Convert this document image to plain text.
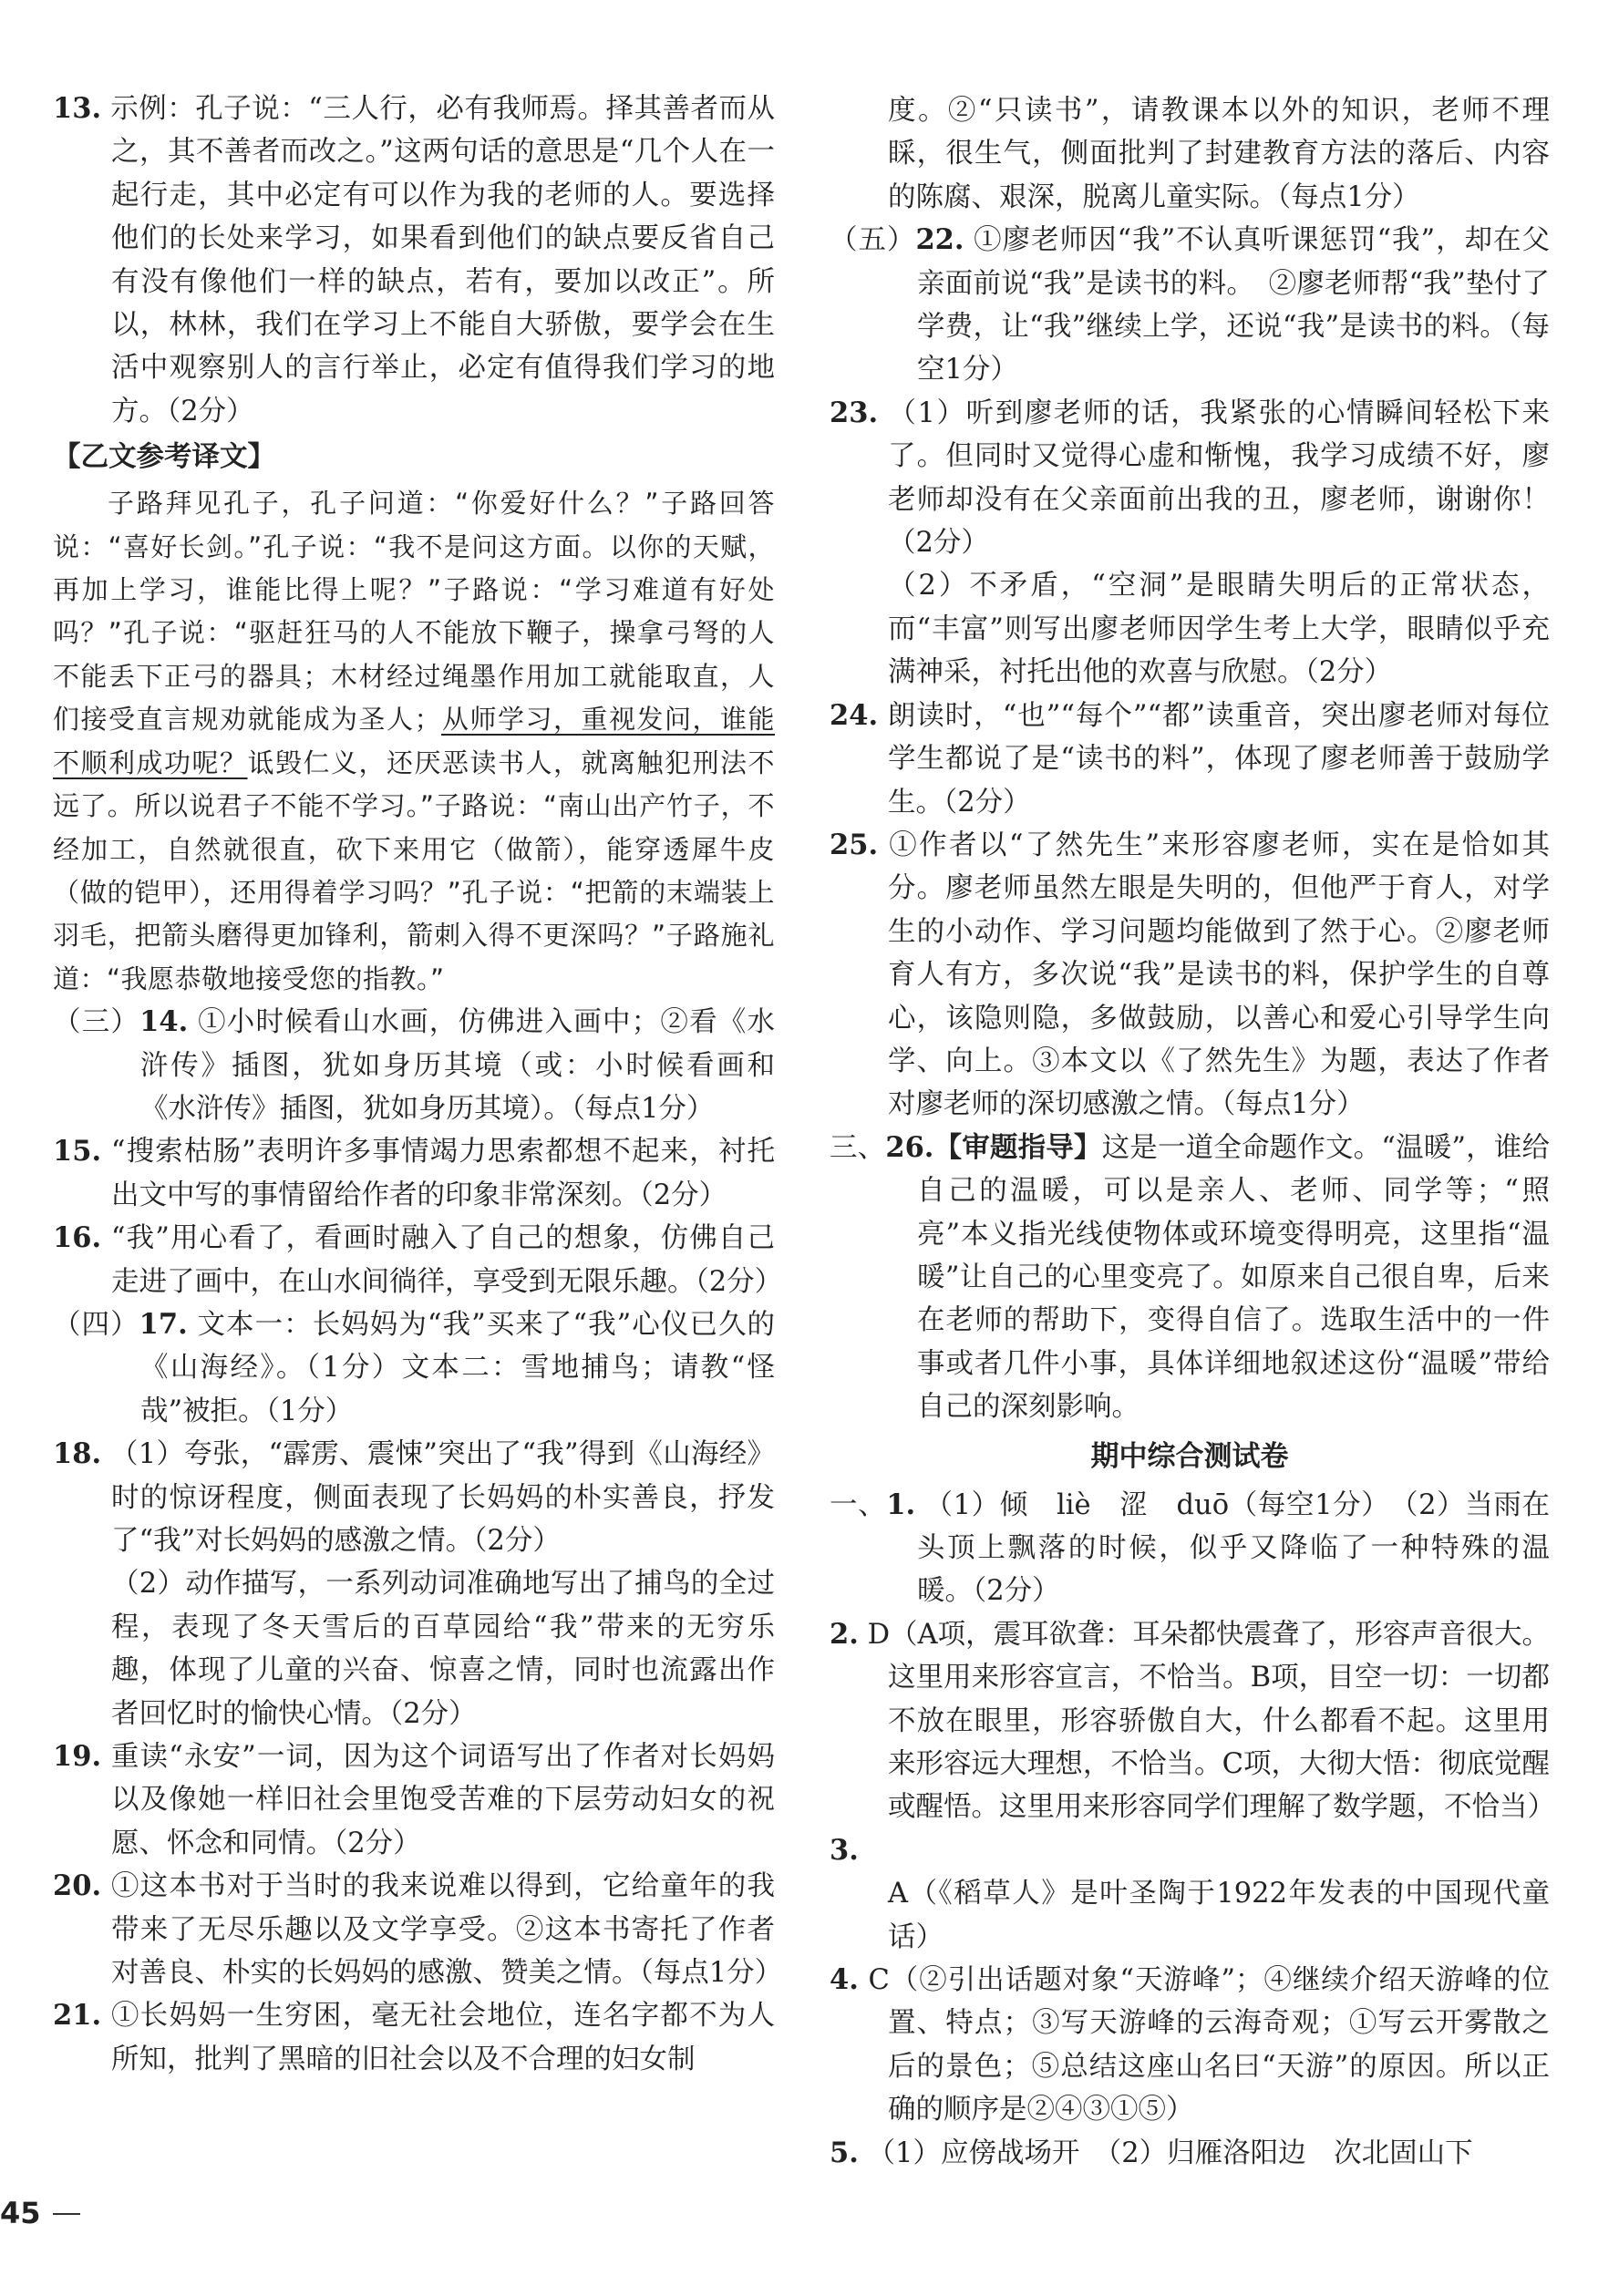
13. 示例：孔子说：“三人行，必有我师焉。择其善者而从之，其不善者而改之。”这两句话的意思是“几个人在一起行走，其中必定有可以作为我的老师的人。要选择他们的长处来学习，如果看到他们的缺点要反省自己有没有像他们一样的缺点，若有，要加以改正”。所以，林林，我们在学习上不能自大骄傲，要学会在生活中观察别人的言行举止，必定有值得我们学习的地方。（2分）

【乙文参考译文】

子路拜见孔子，孔子问道：“你爱好什么？”子路回答说：“喜好长剑。”孔子说：“我不是问这方面。以你的天赋，再加上学习，谁能比得上呢？”子路说：“学习难道有好处吗？”孔子说：“驱赶狂马的人不能放下鞭子，操拿弓弩的人不能丢下正弓的器具；木材经过绳墨作用加工就能取直，人们接受直言规劝就能成为圣人；从师学习，重视发问，谁能不顺利成功呢？诋毁仁义，还厌恶读书人，就离触犯刑法不远了。所以说君子不能不学习。”子路说：“南山出产竹子，不经加工，自然就很直，砍下来用它（做箭），能穿透犀牛皮（做的铠甲），还用得着学习吗？”孔子说：“把箭的末端装上羽毛，把箭头磨得更加锋利，箭刺入得不更深吗？”子路施礼道：“我愿恭敬地接受您的指教。”

（三）14. ①小时候看山水画，仿佛进入画中；②看《水浒传》插图，犹如身历其境（或：小时候看画和《水浒传》插图，犹如身历其境）。（每点1分）

15. “搜索枯肠”表明许多事情竭力思索都想不起来，衬托出文中写的事情留给作者的印象非常深刻。（2分）

16. “我”用心看了，看画时融入了自己的想象，仿佛自己走进了画中，在山水间徜徉，享受到无限乐趣。（2分）

（四）17. 文本一：长妈妈为“我”买来了“我”心仪已久的《山海经》。（1分）文本二：雪地捕鸟；请教“怪哉”被拒。（1分）

18. （1）夸张，“霹雳、震悚”突出了“我”得到《山海经》时的惊讶程度，侧面表现了长妈妈的朴实善良，抒发了“我”对长妈妈的感激之情。（2分）

（2）动作描写，一系列动词准确地写出了捕鸟的全过程，表现了冬天雪后的百草园给“我”带来的无穷乐趣，体现了儿童的兴奋、惊喜之情，同时也流露出作者回忆时的愉快心情。（2分）

19. 重读“永安”一词，因为这个词语写出了作者对长妈妈以及像她一样旧社会里饱受苦难的下层劳动妇女的祝愿、怀念和同情。（2分）

20. ①这本书对于当时的我来说难以得到，它给童年的我带来了无尽乐趣以及文学享受。②这本书寄托了作者对善良、朴实的长妈妈的感激、赞美之情。（每点1分）

21. ①长妈妈一生穷困，毫无社会地位，连名字都不为人所知，批判了黑暗的旧社会以及不合理的妇女制

度。②“只读书”，请教课本以外的知识，老师不理睬，很生气，侧面批判了封建教育方法的落后、内容的陈腐、艰深，脱离儿童实际。（每点1分）

（五）22. ①廖老师因“我”不认真听课惩罚“我”，却在父亲面前说“我”是读书的料。　②廖老师帮“我”垫付了学费，让“我”继续上学，还说“我”是读书的料。（每空1分）

23. （1）听到廖老师的话，我紧张的心情瞬间轻松下来了。但同时又觉得心虚和惭愧，我学习成绩不好，廖老师却没有在父亲面前出我的丑，廖老师，谢谢你！（2分）

（2）不矛盾，“空洞”是眼睛失明后的正常状态，而“丰富”则写出廖老师因学生考上大学，眼睛似乎充满神采，衬托出他的欢喜与欣慰。（2分）

24. 朗读时，“也”“每个”“都”读重音，突出廖老师对每位学生都说了是“读书的料”，体现了廖老师善于鼓励学生。（2分）

25. ①作者以“了然先生”来形容廖老师，实在是恰如其分。廖老师虽然左眼是失明的，但他严于育人，对学生的小动作、学习问题均能做到了然于心。②廖老师育人有方，多次说“我”是读书的料，保护学生的自尊心，该隐则隐，多做鼓励，以善心和爱心引导学生向学、向上。③本文以《了然先生》为题，表达了作者对廖老师的深切感激之情。（每点1分）

三、26.【审题指导】这是一道全命题作文。“温暖”，谁给自己的温暖，可以是亲人、老师、同学等；“照亮”本义指光线使物体或环境变得明亮，这里指“温暖”让自己的心里变亮了。如原来自己很自卑，后来在老师的帮助下，变得自信了。选取生活中的一件事或者几件小事，具体详细地叙述这份“温暖”带给自己的深刻影响。

期中综合测试卷

一、1. （1）倾　liè　涩　duō（每空1分）　（2）当雨在头顶上飘落的时候，似乎又降临了一种特殊的温暖。（2分）

2. D（A项，震耳欲聋：耳朵都快震聋了，形容声音很大。这里用来形容宣言，不恰当。B项，目空一切：一切都不放在眼里，形容骄傲自大，什么都看不起。这里用来形容远大理想，不恰当。C项，大彻大悟：彻底觉醒或醒悟。这里用来形容同学们理解了数学题，不恰当）

3. A（《稻草人》是叶圣陶于1922年发表的中国现代童话）

4. C（②引出话题对象“天游峰”；④继续介绍天游峰的位置、特点；③写天游峰的云海奇观；①写云开雾散之后的景色；⑤总结这座山名曰“天游”的原因。所以正确的顺序是②④③①⑤）

5. （1）应傍战场开　（2）归雁洛阳边　次北固山下

45
